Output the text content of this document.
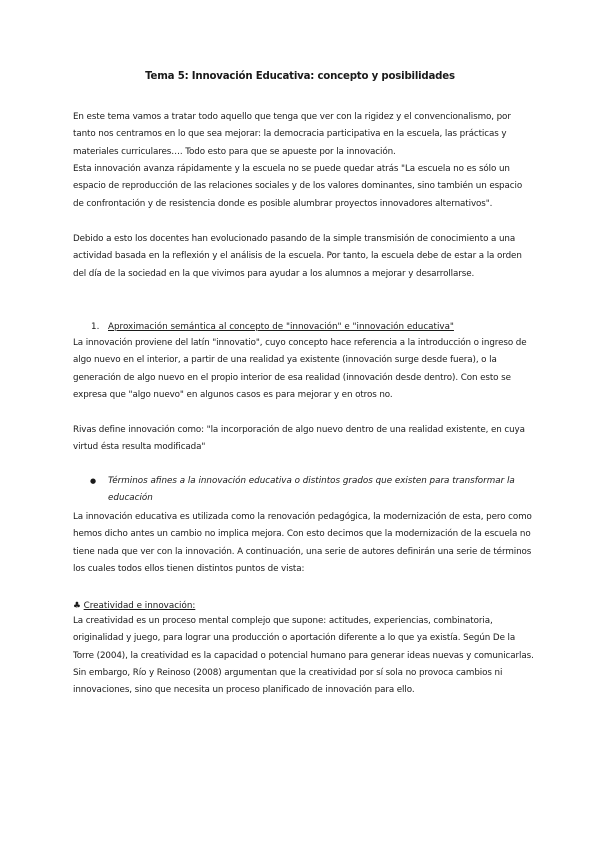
Tema 5: Innovación Educativa: concepto y posibilidades
En este tema vamos a tratar todo aquello que tenga que ver con la rigidez y el convencionalismo, por tanto nos centramos en lo que sea mejorar: la democracia participativa en la escuela, las prácticas y materiales curriculares…. Todo esto para que se apueste por la innovación.
Esta innovación avanza rápidamente y la escuela no se puede quedar atrás "La escuela no es sólo un espacio de reproducción de las relaciones sociales y de los valores dominantes, sino también un espacio de confrontación y de resistencia donde es posible alumbrar proyectos innovadores alternativos".
Debido a esto los docentes han evolucionado pasando de la simple transmisión de conocimiento a una actividad basada en la reflexión y el análisis de la escuela. Por tanto, la escuela debe de estar a la orden del día de la sociedad en la que vivimos para ayudar a los alumnos a mejorar y desarrollarse.
1. Aproximación semántica al concepto de "innovación" e "innovación educativa"
La innovación proviene del latín "innovatio", cuyo concepto hace referencia a la introducción o ingreso de algo nuevo en el interior, a partir de una realidad ya existente (innovación surge desde fuera), o la generación de algo nuevo en el propio interior de esa realidad (innovación desde dentro). Con esto se expresa que "algo nuevo" en algunos casos es para mejorar y en otros no.
Rivas define innovación como: "la incorporación de algo nuevo dentro de una realidad existente, en cuya virtud ésta resulta modificada"
● Términos afines a la innovación educativa o distintos grados que existen para transformar la educación
La innovación educativa es utilizada como la renovación pedagógica, la modernización de esta, pero como hemos dicho antes un cambio no implica mejora. Con esto decimos que la modernización de la escuela no tiene nada que ver con la innovación. A continuación, una serie de autores definirán una serie de términos los cuales todos ellos tienen distintos puntos de vista:
♣ Creatividad e innovación:
La creatividad es un proceso mental complejo que supone: actitudes, experiencias, combinatoria, originalidad y juego, para lograr una producción o aportación diferente a lo que ya existía. Según De la Torre (2004), la creatividad es la capacidad o potencial humano para generar ideas nuevas y comunicarlas. Sin embargo, Río y Reinoso (2008) argumentan que la creatividad por sí sola no provoca cambios ni innovaciones, sino que necesita un proceso planificado de innovación para ello.
